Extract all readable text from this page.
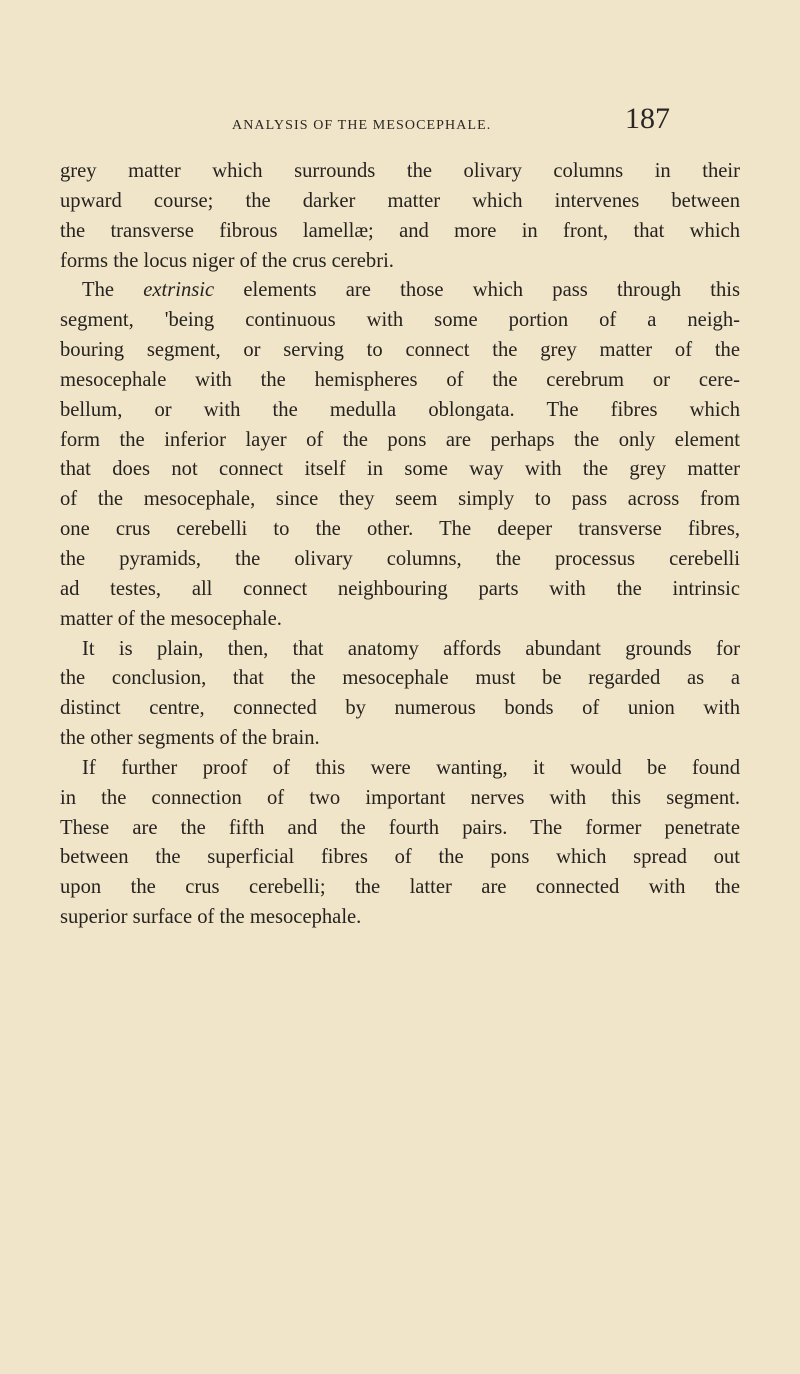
ANALYSIS OF THE MESOCEPHALE.	187
grey matter which surrounds the olivary columns in their
upward course; the darker matter which intervenes between
the transverse fibrous lamellæ; and more in front, that which
forms the locus niger of the crus cerebri.
The extrinsic elements are those which pass through this
segment, 'being continuous with some portion of a neigh-
bouring segment, or serving to connect the grey matter of the
mesocephale with the hemispheres of the cerebrum or cere-
bellum, or with the medulla oblongata. The fibres which
form the inferior layer of the pons are perhaps the only element
that does not connect itself in some way with the grey matter
of the mesocephale, since they seem simply to pass across from
one crus cerebelli to the other. The deeper transverse fibres,
the pyramids, the olivary columns, the processus cerebelli
ad testes, all connect neighbouring parts with the intrinsic
matter of the mesocephale.
It is plain, then, that anatomy affords abundant grounds for
the conclusion, that the mesocephale must be regarded as a
distinct centre, connected by numerous bonds of union with
the other segments of the brain.
If further proof of this were wanting, it would be found
in the connection of two important nerves with this segment.
These are the fifth and the fourth pairs. The former penetrate
between the superficial fibres of the pons which spread out
upon the crus cerebelli; the latter are connected with the
superior surface of the mesocephale.
